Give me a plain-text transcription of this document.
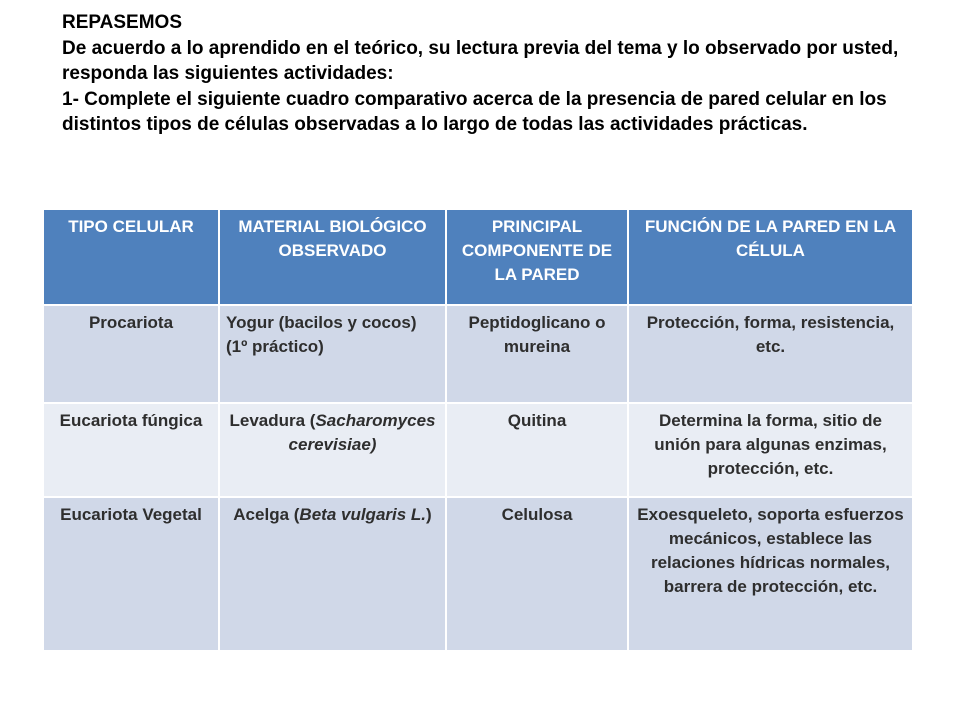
REPASEMOS

De acuerdo a lo aprendido en el teórico, su lectura previa del tema y lo observado por usted, responda las siguientes actividades:

1- Complete el siguiente cuadro comparativo acerca de la presencia de pared celular en los distintos tipos de células observadas a lo largo de todas las actividades prácticas.

TIPO CELULAR	MATERIAL BIOLÓGICO OBSERVADO	PRINCIPAL COMPONENTE DE LA PARED	FUNCIÓN DE LA PARED EN LA CÉLULA
Procariota	Yogur (bacilos y cocos) (1º práctico)	Peptidoglicano o mureina	Protección, forma, resistencia, etc.
Eucariota fúngica	Levadura (Sacharomyces cerevisiae)	Quitina	Determina la forma, sitio de unión para algunas enzimas, protección, etc.
Eucariota Vegetal	Acelga (Beta vulgaris L.)	Celulosa	Exoesqueleto, soporta esfuerzos mecánicos, establece las relaciones hídricas normales, barrera de protección, etc.
